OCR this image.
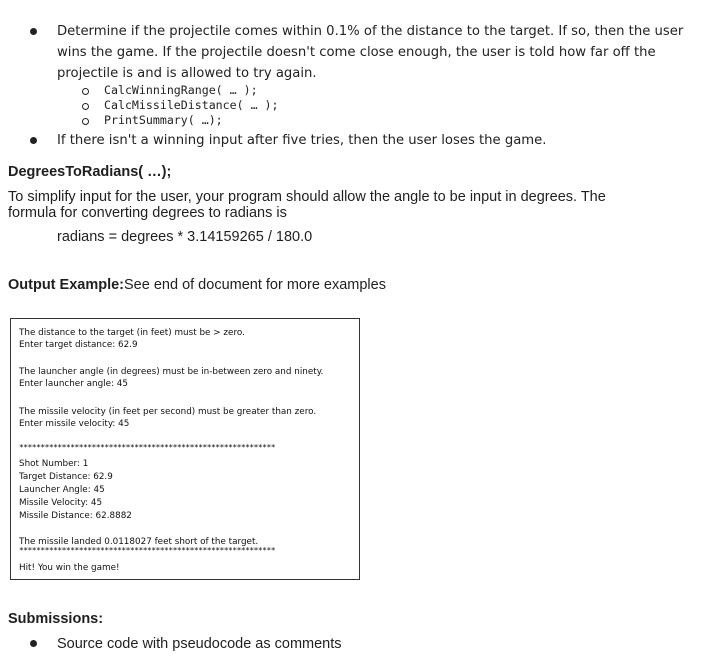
Determine if the projectile comes within 0.1% of the distance to the target. If so, then the user
wins the game. If the projectile doesn't come close enough, the user is told how far off the
projectile is and is allowed to try again.
CalcWinningRange( … );
CalcMissileDistance( … );
PrintSummary( …);
If there isn't a winning input after five tries, then the user loses the game.
DegreesToRadians( …);
To simplify input for the user, your program should allow the angle to be input in degrees. The
formula for converting degrees to radians is
radians = degrees * 3.14159265 / 180.0
Output Example:See end of document for more examples
The distance to the target (in feet) must be > zero.
Enter target distance: 62.9
The launcher angle (in degrees) must be in-between zero and ninety.
Enter launcher angle: 45
The missile velocity (in feet per second) must be greater than zero.
Enter missile velocity: 45
************************************************************
Shot Number: 1
Target Distance: 62.9
Launcher Angle: 45
Missile Velocity: 45
Missile Distance: 62.8882
The missile landed 0.0118027 feet short of the target.
************************************************************
Hit! You win the game!
Submissions:
Source code with pseudocode as comments
